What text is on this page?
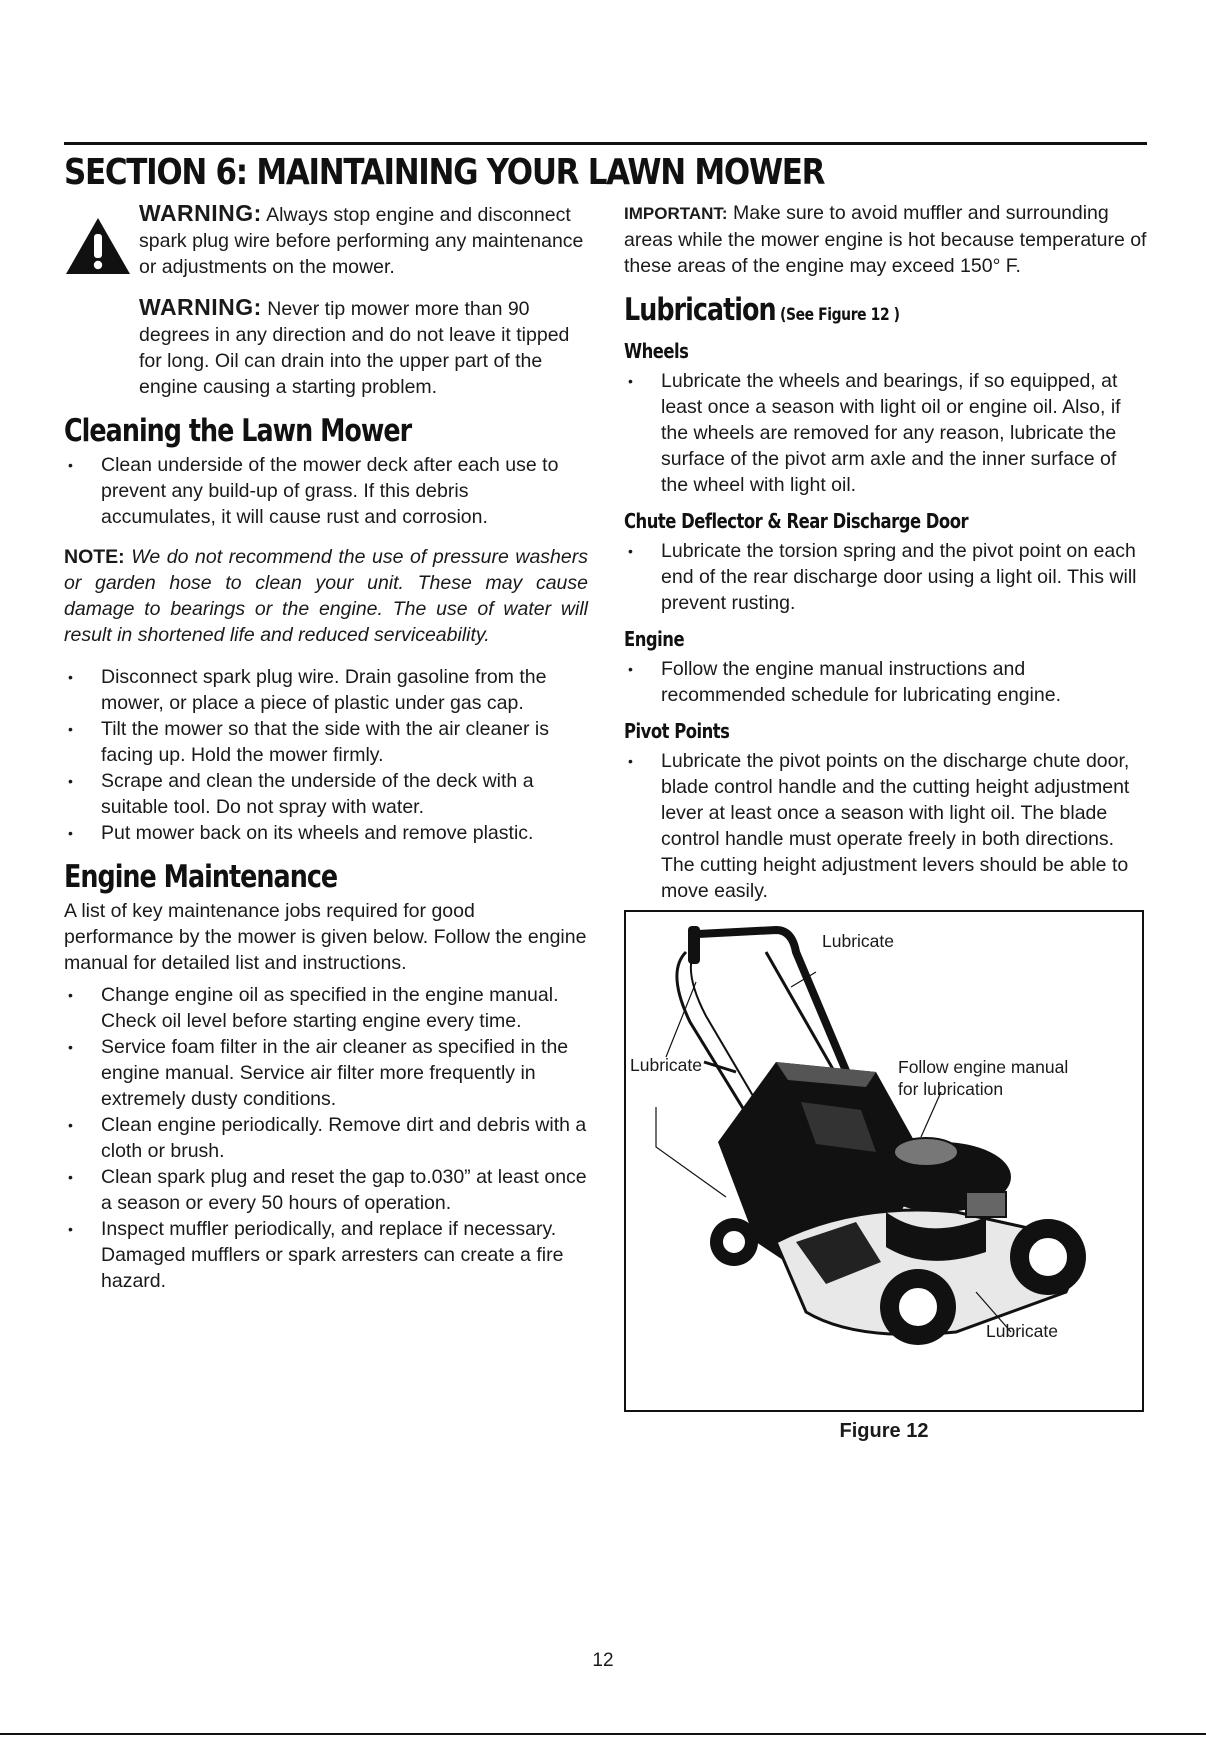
SECTION 6: MAINTAINING YOUR LAWN MOWER

WARNING: Always stop engine and disconnect spark plug wire before performing any maintenance or adjustments on the mower.

WARNING: Never tip mower more than 90 degrees in any direction and do not leave it tipped for long. Oil can drain into the upper part of the engine causing a starting problem.

Cleaning the Lawn Mower
• Clean underside of the mower deck after each use to prevent any build-up of grass. If this debris accumulates, it will cause rust and corrosion.

NOTE: We do not recommend the use of pressure washers or garden hose to clean your unit. These may cause damage to bearings or the engine. The use of water will result in shortened life and reduced serviceability.

• Disconnect spark plug wire. Drain gasoline from the mower, or place a piece of plastic under gas cap.
• Tilt the mower so that the side with the air cleaner is facing up. Hold the mower firmly.
• Scrape and clean the underside of the deck with a suitable tool. Do not spray with water.
• Put mower back on its wheels and remove plastic.
Engine Maintenance

A list of key maintenance jobs required for good performance by the mower is given below. Follow the engine manual for detailed list and instructions.

• Change engine oil as specified in the engine manual. Check oil level before starting engine every time.
• Service foam filter in the air cleaner as specified in the engine manual. Service air filter more frequently in extremely dusty conditions.
• Clean engine periodically. Remove dirt and debris with a cloth or brush.
• Clean spark plug and reset the gap to.030” at least once a season or every 50 hours of operation.
• Inspect muffler periodically, and replace if necessary. Damaged mufflers or spark arresters can create a fire hazard.

IMPORTANT: Make sure to avoid muffler and surrounding areas while the mower engine is hot because temperature of these areas of the engine may exceed 150° F.

Lubrication (See Figure 12 )
Wheels
• Lubricate the wheels and bearings, if so equipped, at least once a season with light oil or engine oil. Also, if the wheels are removed for any reason, lubricate the surface of the pivot arm axle and the inner surface of the wheel with light oil.
Chute Deflector & Rear Discharge Door
• Lubricate the torsion spring and the pivot point on each end of the rear discharge door using a light oil. This will prevent rusting.
Engine
• Follow the engine manual instructions and recommended schedule for lubricating engine.
Pivot Points
• Lubricate the pivot points on the discharge chute door, blade control handle and the cutting height adjustment lever at least once a season with light oil. The blade control handle must operate freely in both directions. The cutting height adjustment levers should be able to move easily.
Lubricate
Lubricate	Follow engine manual for lubrication
Lubricate
Figure 12
12
